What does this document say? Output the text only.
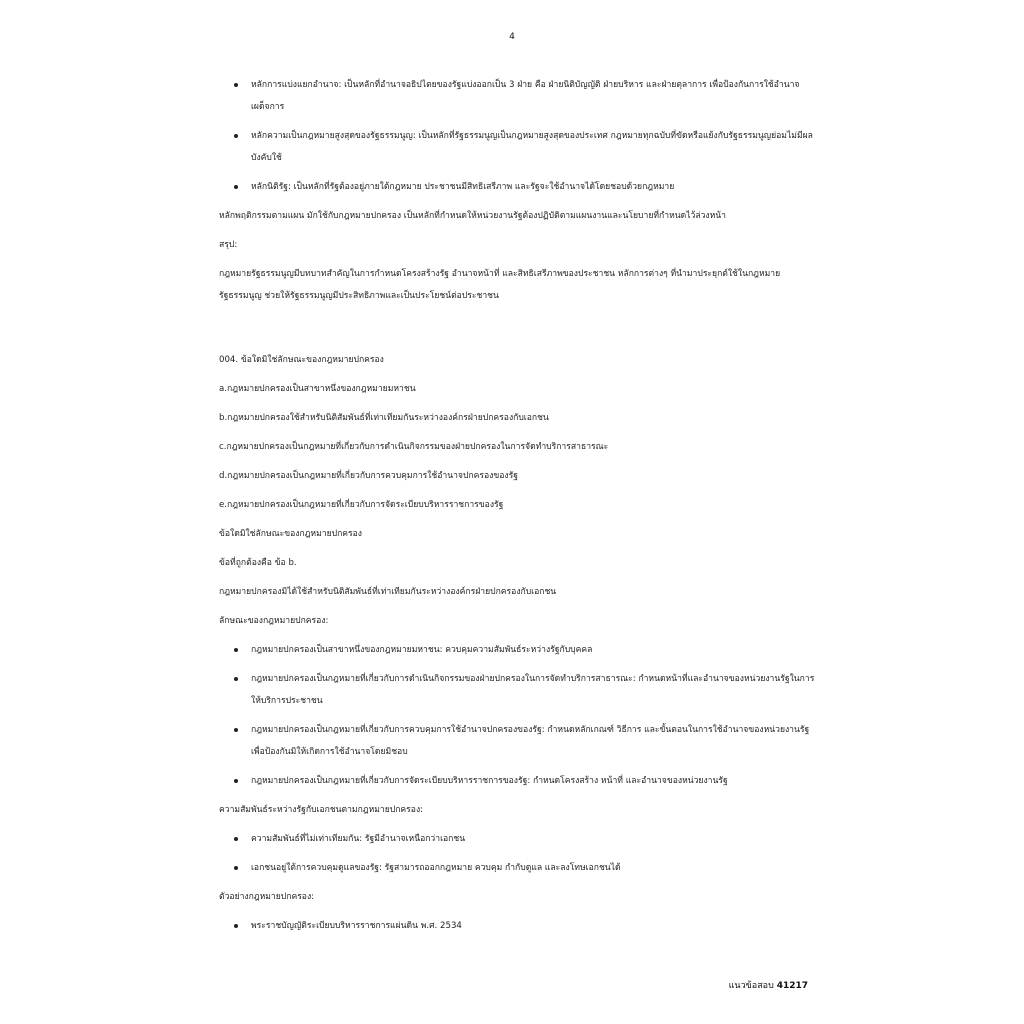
4
หลักการแบ่งแยกอำนาจ: เป็นหลักที่อำนาจอธิปไตยของรัฐแบ่งออกเป็น 3 ฝ่าย คือ ฝ่ายนิติบัญญัติ ฝ่ายบริหาร และฝ่ายตุลาการ เพื่อป้องกันการใช้อำนาจเผด็จการ
หลักความเป็นกฎหมายสูงสุดของรัฐธรรมนูญ: เป็นหลักที่รัฐธรรมนูญเป็นกฎหมายสูงสุดของประเทศ กฎหมายทุกฉบับที่ขัดหรือแย้งกับรัฐธรรมนูญย่อมไม่มีผลบังคับใช้
หลักนิติรัฐ: เป็นหลักที่รัฐต้องอยู่ภายใต้กฎหมาย ประชาชนมีสิทธิเสรีภาพ และรัฐจะใช้อำนาจได้โดยชอบด้วยกฎหมาย
หลักพฤติกรรมตามแผน มักใช้กับกฎหมายปกครอง เป็นหลักที่กำหนดให้หน่วยงานรัฐต้องปฏิบัติตามแผนงานและนโยบายที่กำหนดไว้ล่วงหน้า
สรุป:
กฎหมายรัฐธรรมนูญมีบทบาทสำคัญในการกำหนดโครงสร้างรัฐ อำนาจหน้าที่ และสิทธิเสรีภาพของประชาชน หลักการต่างๆ ที่นำมาประยุกต์ใช้ในกฎหมายรัฐธรรมนูญ ช่วยให้รัฐธรรมนูญมีประสิทธิภาพและเป็นประโยชน์ต่อประชาชน
004. ข้อใดมิใช่ลักษณะของกฎหมายปกครอง
a.กฎหมายปกครองเป็นสาขาหนึ่งของกฎหมายมหาชน
b.กฎหมายปกครองใช้สำหรับนิติสัมพันธ์ที่เท่าเทียมกันระหว่างองค์กรฝ่ายปกครองกับเอกชน
c.กฎหมายปกครองเป็นกฎหมายที่เกี่ยวกับการดำเนินกิจกรรมของฝ่ายปกครองในการจัดทำบริการสาธารณะ
d.กฎหมายปกครองเป็นกฎหมายที่เกี่ยวกับการควบคุมการใช้อำนาจปกครองของรัฐ
e.กฎหมายปกครองเป็นกฎหมายที่เกี่ยวกับการจัดระเบียบบริหารราชการของรัฐ
ข้อใดมิใช่ลักษณะของกฎหมายปกครอง
ข้อที่ถูกต้องคือ ข้อ b.
กฎหมายปกครองมิได้ใช้สำหรับนิติสัมพันธ์ที่เท่าเทียมกันระหว่างองค์กรฝ่ายปกครองกับเอกชน
ลักษณะของกฎหมายปกครอง:
กฎหมายปกครองเป็นสาขาหนึ่งของกฎหมายมหาชน: ควบคุมความสัมพันธ์ระหว่างรัฐกับบุคคล
กฎหมายปกครองเป็นกฎหมายที่เกี่ยวกับการดำเนินกิจกรรมของฝ่ายปกครองในการจัดทำบริการสาธารณะ: กำหนดหน้าที่และอำนาจของหน่วยงานรัฐในการให้บริการประชาชน
กฎหมายปกครองเป็นกฎหมายที่เกี่ยวกับการควบคุมการใช้อำนาจปกครองของรัฐ: กำหนดหลักเกณฑ์ วิธีการ และขั้นตอนในการใช้อำนาจของหน่วยงานรัฐ เพื่อป้องกันมิให้เกิดการใช้อำนาจโดยมิชอบ
กฎหมายปกครองเป็นกฎหมายที่เกี่ยวกับการจัดระเบียบบริหารราชการของรัฐ: กำหนดโครงสร้าง หน้าที่ และอำนาจของหน่วยงานรัฐ
ความสัมพันธ์ระหว่างรัฐกับเอกชนตามกฎหมายปกครอง:
ความสัมพันธ์ที่ไม่เท่าเทียมกัน: รัฐมีอำนาจเหนือกว่าเอกชน
เอกชนอยู่ใต้การควบคุมดูแลของรัฐ: รัฐสามารถออกกฎหมาย ควบคุม กำกับดูแล และลงโทษเอกชนได้
ตัวอย่างกฎหมายปกครอง:
พระราชบัญญัติระเบียบบริหารราชการแผ่นดิน พ.ศ. 2534
แนวข้อสอบ 41217
